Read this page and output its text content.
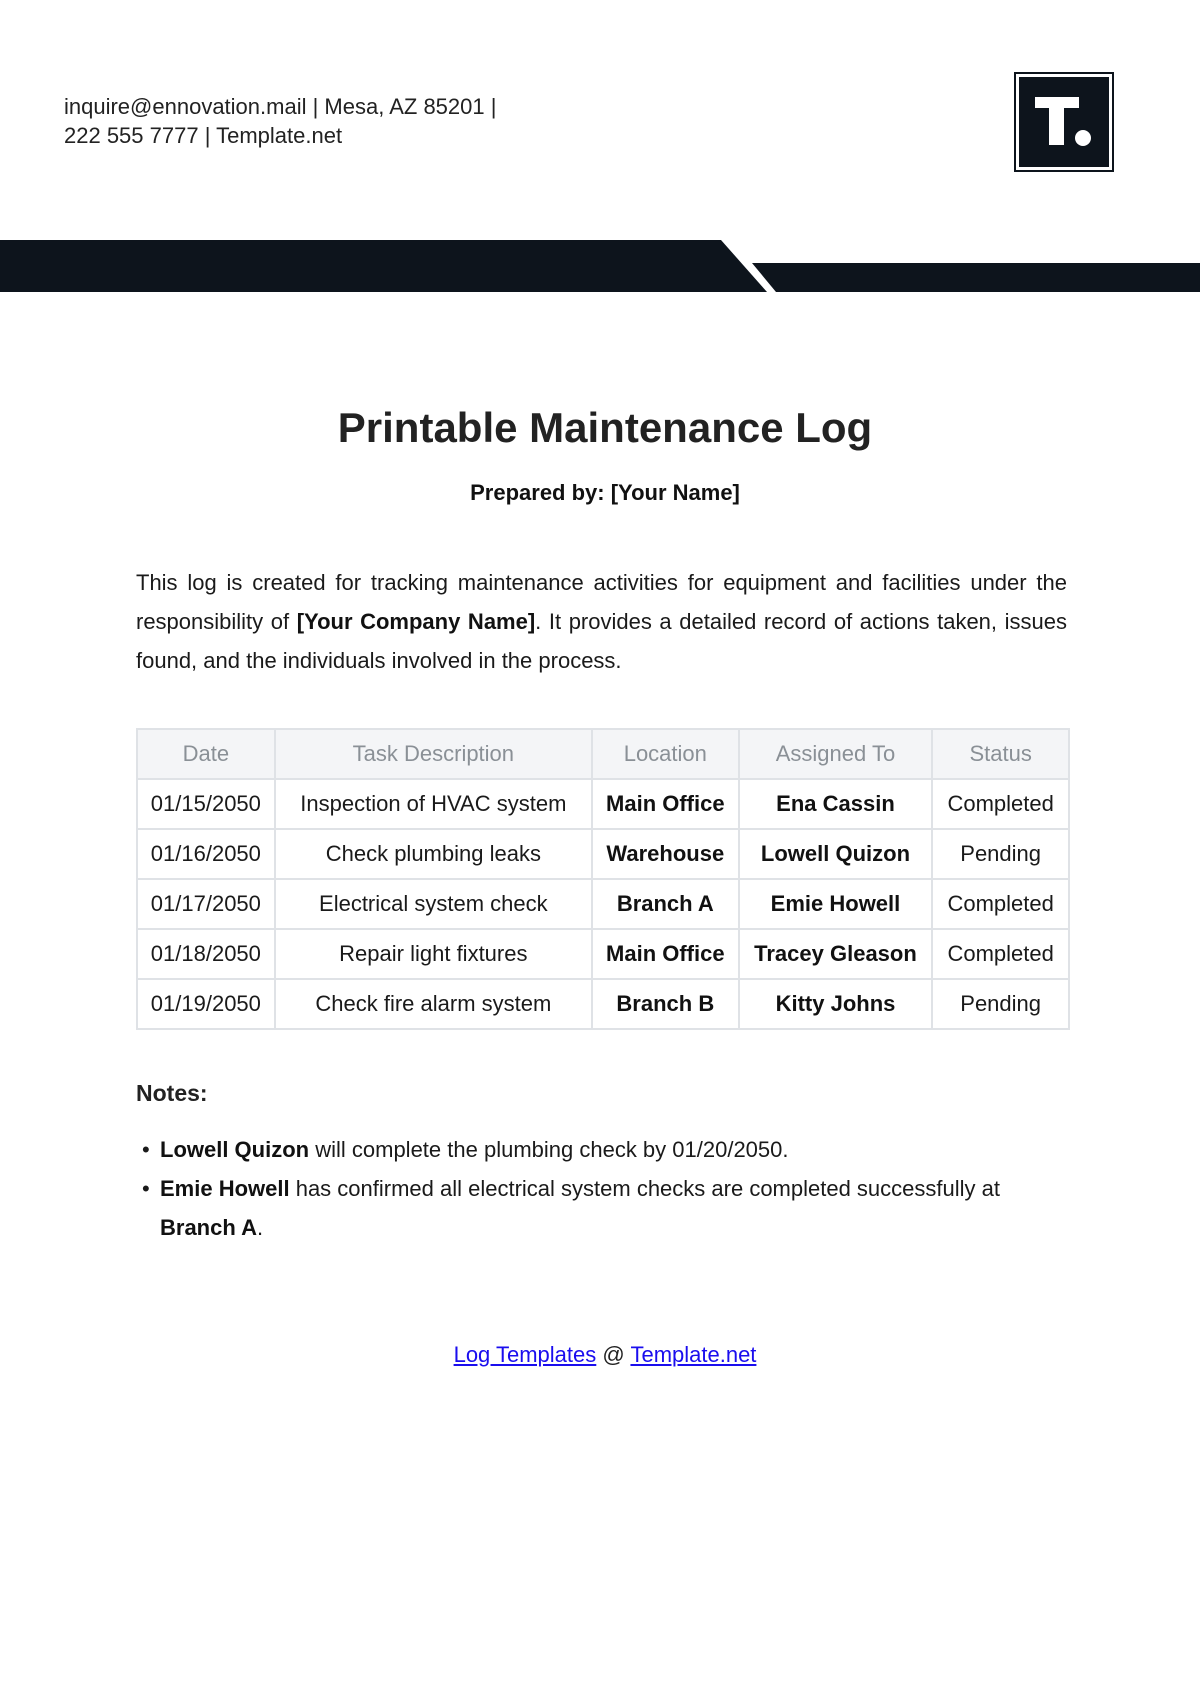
inquire@ennovation.mail | Mesa, AZ 85201 |
222 555 7777 | Template.net
Printable Maintenance Log
Prepared by: [Your Name]

This log is created for tracking maintenance activities for equipment and facilities under the responsibility of [Your Company Name]. It provides a detailed record of actions taken, issues found, and the individuals involved in the process.

Date	Task Description	Location	Assigned To	Status
01/15/2050	Inspection of HVAC system	Main Office	Ena Cassin	Completed
01/16/2050	Check plumbing leaks	Warehouse	Lowell Quizon	Pending
01/17/2050	Electrical system check	Branch A	Emie Howell	Completed
01/18/2050	Repair light fixtures	Main Office	Tracey Gleason	Completed
01/19/2050	Check fire alarm system	Branch B	Kitty Johns	Pending
Notes:
• Lowell Quizon will complete the plumbing check by 01/20/2050.
• Emie Howell has confirmed all electrical system checks are completed successfully at Branch A.
Log Templates @ Template.net
